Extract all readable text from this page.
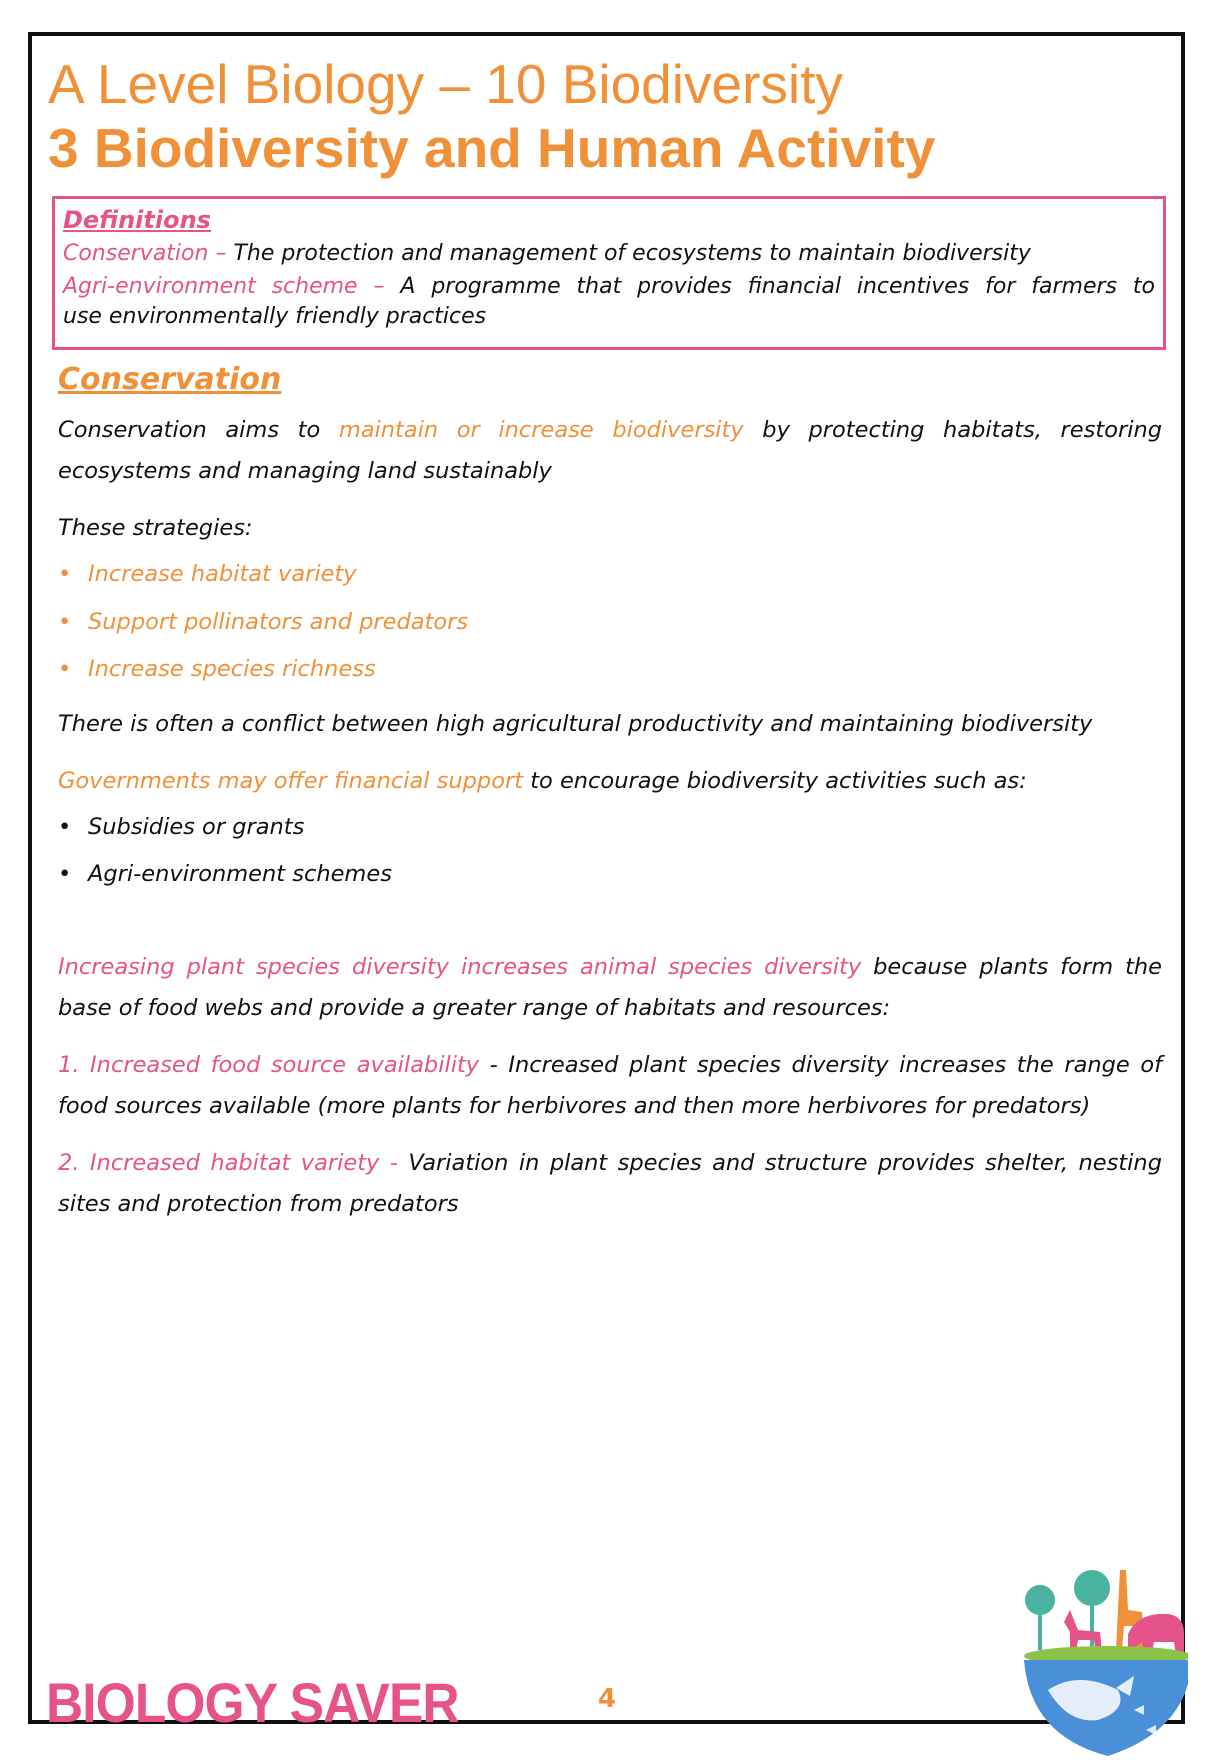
A Level Biology – 10 Biodiversity
3 Biodiversity and Human Activity
Definitions
Conservation – The protection and management of ecosystems to maintain biodiversity
Agri-environment scheme – A programme that provides financial incentives for farmers to
use environmentally friendly practices
Conservation

Conservation aims to maintain or increase biodiversity by protecting habitats, restoring ecosystems and managing land sustainably

These strategies:

• Increase habitat variety
• Support pollinators and predators
• Increase species richness

There is often a conflict between high agricultural productivity and maintaining biodiversity

Governments may offer financial support to encourage biodiversity activities such as:

• Subsidies or grants
• Agri-environment schemes

Increasing plant species diversity increases animal species diversity because plants form the base of food webs and provide a greater range of habitats and resources:

1. Increased food source availability - Increased plant species diversity increases the range of food sources available (more plants for herbivores and then more herbivores for predators)

2. Increased habitat variety - Variation in plant species and structure provides shelter, nesting sites and protection from predators

BIOLOGY SAVER	4
